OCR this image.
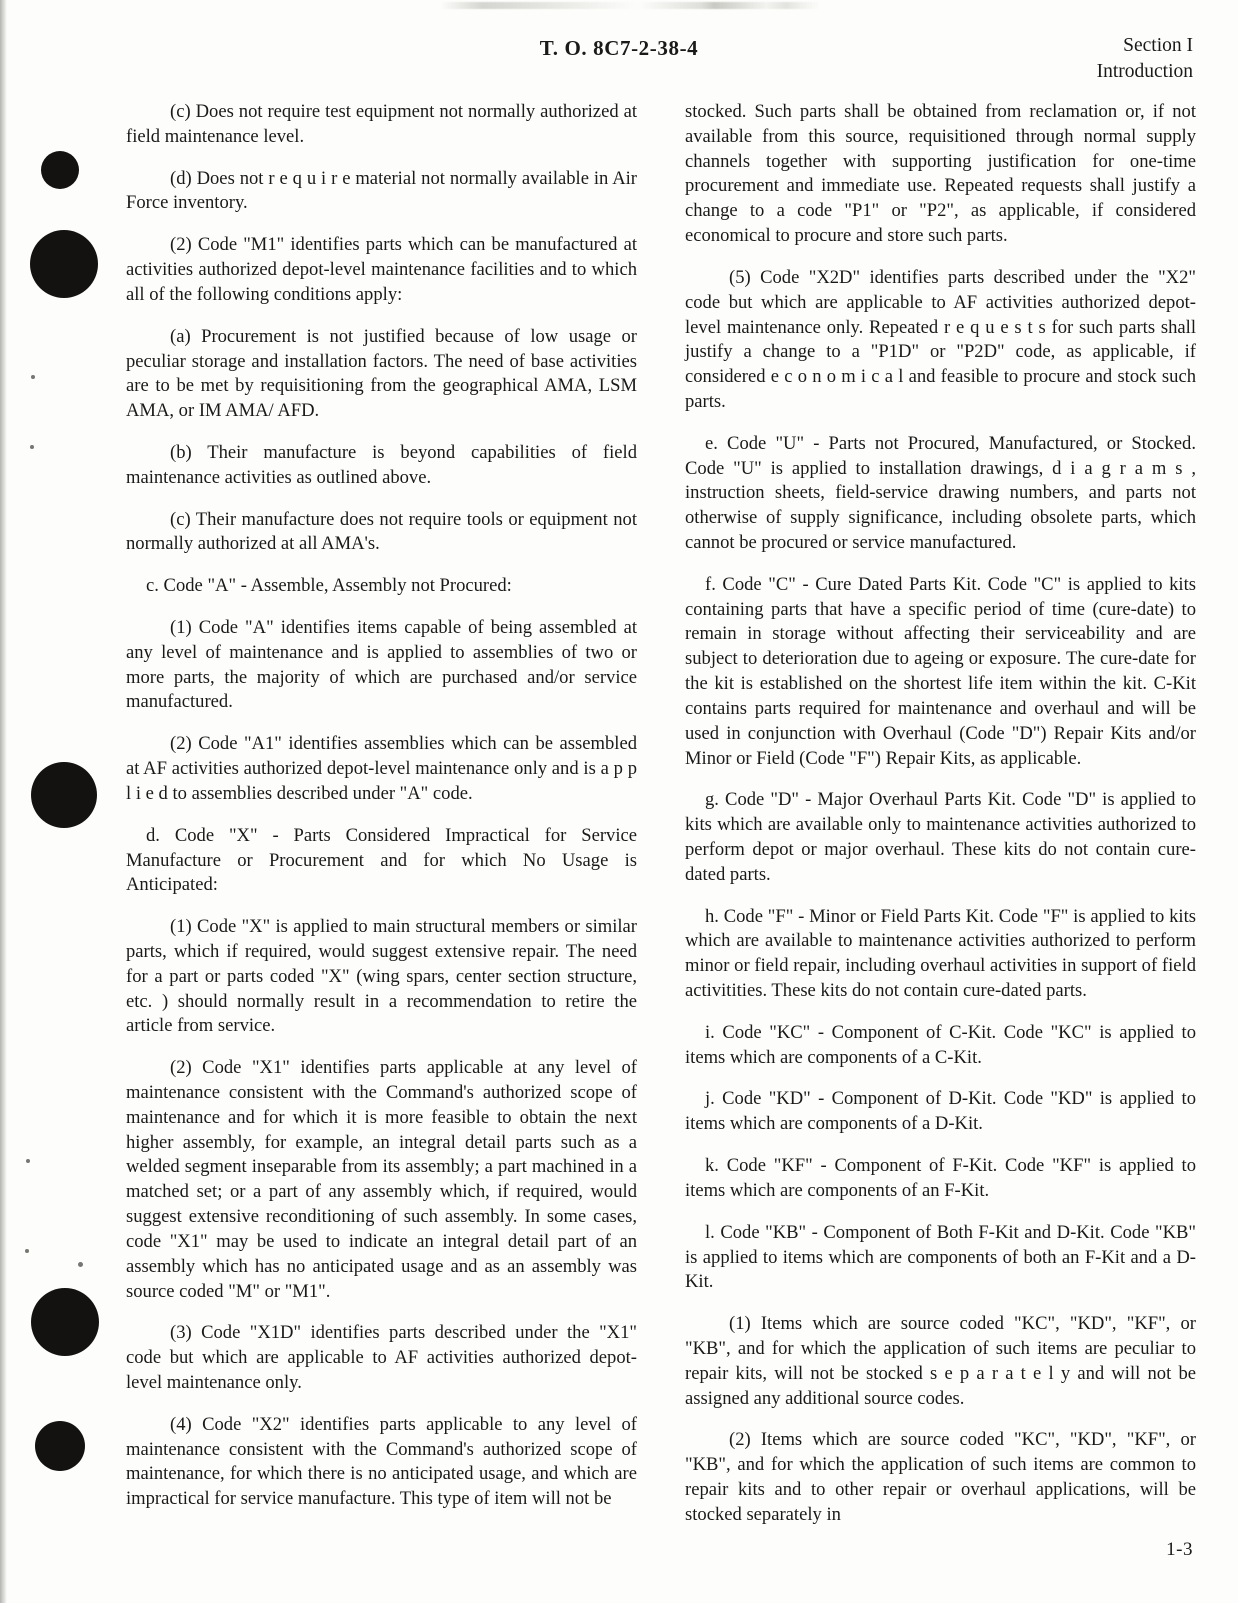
T. O. 8C7-2-38-4	Section I
Introduction

(c) Does not require test equipment not normally authorized at field maintenance level.

(d) Does not r e q u i r e material not normally available in Air Force inventory.

(2) Code "M1" identifies parts which can be manufactured at activities authorized depot-level maintenance facilities and to which all of the following conditions apply:

(a) Procurement is not justified because of low usage or peculiar storage and installation factors. The need of base activities are to be met by requisitioning from the geographical AMA, LSM AMA, or IM AMA/ AFD.

(b) Their manufacture is beyond capabilities of field maintenance activities as outlined above.

(c) Their manufacture does not require tools or equipment not normally authorized at all AMA's.

c. Code "A" - Assemble, Assembly not Procured:

(1) Code "A" identifies items capable of being assembled at any level of maintenance and is applied to assemblies of two or more parts, the majority of which are purchased and/or service manufactured.

(2) Code "A1" identifies assemblies which can be assembled at AF activities authorized depot-level maintenance only and is a p p l i e d to assemblies described under "A" code.

d. Code "X" - Parts Considered Impractical for Service Manufacture or Procurement and for which No Usage is Anticipated:

(1) Code "X" is applied to main structural members or similar parts, which if required, would suggest extensive repair. The need for a part or parts coded "X" (wing spars, center section structure, etc. ) should normally result in a recommendation to retire the article from service.

(2) Code "X1" identifies parts applicable at any level of maintenance consistent with the Command's authorized scope of maintenance and for which it is more feasible to obtain the next higher assembly, for example, an integral detail parts such as a welded segment inseparable from its assembly; a part machined in a matched set; or a part of any assembly which, if required, would suggest extensive reconditioning of such assembly. In some cases, code "X1" may be used to indicate an integral detail part of an assembly which has no anticipated usage and as an assembly was source coded "M" or "M1".

(3) Code "X1D" identifies parts described under the "X1" code but which are applicable to AF activities authorized depot-level maintenance only.

(4) Code "X2" identifies parts applicable to any level of maintenance consistent with the Command's authorized scope of maintenance, for which there is no anticipated usage, and which are impractical for service manufacture. This type of item will not be

stocked. Such parts shall be obtained from reclamation or, if not available from this source, requisitioned through normal supply channels together with supporting justification for one-time procurement and immediate use. Repeated requests shall justify a change to a code "P1" or "P2", as applicable, if considered economical to procure and store such parts.

(5) Code "X2D" identifies parts described under the "X2" code but which are applicable to AF activities authorized depot-level maintenance only. Repeated r e q u e s t s for such parts shall justify a change to a "P1D" or "P2D" code, as applicable, if considered e c o n o m i c a l and feasible to procure and stock such parts.

e. Code "U" - Parts not Procured, Manufactured, or Stocked. Code "U" is applied to installation drawings, d i a g r a m s , instruction sheets, field-service drawing numbers, and parts not otherwise of supply significance, including obsolete parts, which cannot be procured or service manufactured.

f. Code "C" - Cure Dated Parts Kit. Code "C" is applied to kits containing parts that have a specific period of time (cure-date) to remain in storage without affecting their serviceability and are subject to deterioration due to ageing or exposure. The cure-date for the kit is established on the shortest life item within the kit. C-Kit contains parts required for maintenance and overhaul and will be used in conjunction with Overhaul (Code "D") Repair Kits and/or Minor or Field (Code "F") Repair Kits, as applicable.

g. Code "D" - Major Overhaul Parts Kit. Code "D" is applied to kits which are available only to maintenance activities authorized to perform depot or major overhaul. These kits do not contain cure-dated parts.

h. Code "F" - Minor or Field Parts Kit. Code "F" is applied to kits which are available to maintenance activities authorized to perform minor or field repair, including overhaul activities in support of field activitities. These kits do not contain cure-dated parts.

i. Code "KC" - Component of C-Kit. Code "KC" is applied to items which are components of a C-Kit.

j. Code "KD" - Component of D-Kit. Code "KD" is applied to items which are components of a D-Kit.

k. Code "KF" - Component of F-Kit. Code "KF" is applied to items which are components of an F-Kit.

l. Code "KB" - Component of Both F-Kit and D-Kit. Code "KB" is applied to items which are components of both an F-Kit and a D-Kit.

(1) Items which are source coded "KC", "KD", "KF", or "KB", and for which the application of such items are peculiar to repair kits, will not be stocked s e p a r a t e l y and will not be assigned any additional source codes.

(2) Items which are source coded "KC", "KD", "KF", or "KB", and for which the application of such items are common to repair kits and to other repair or overhaul applications, will be stocked separately in

1-3
